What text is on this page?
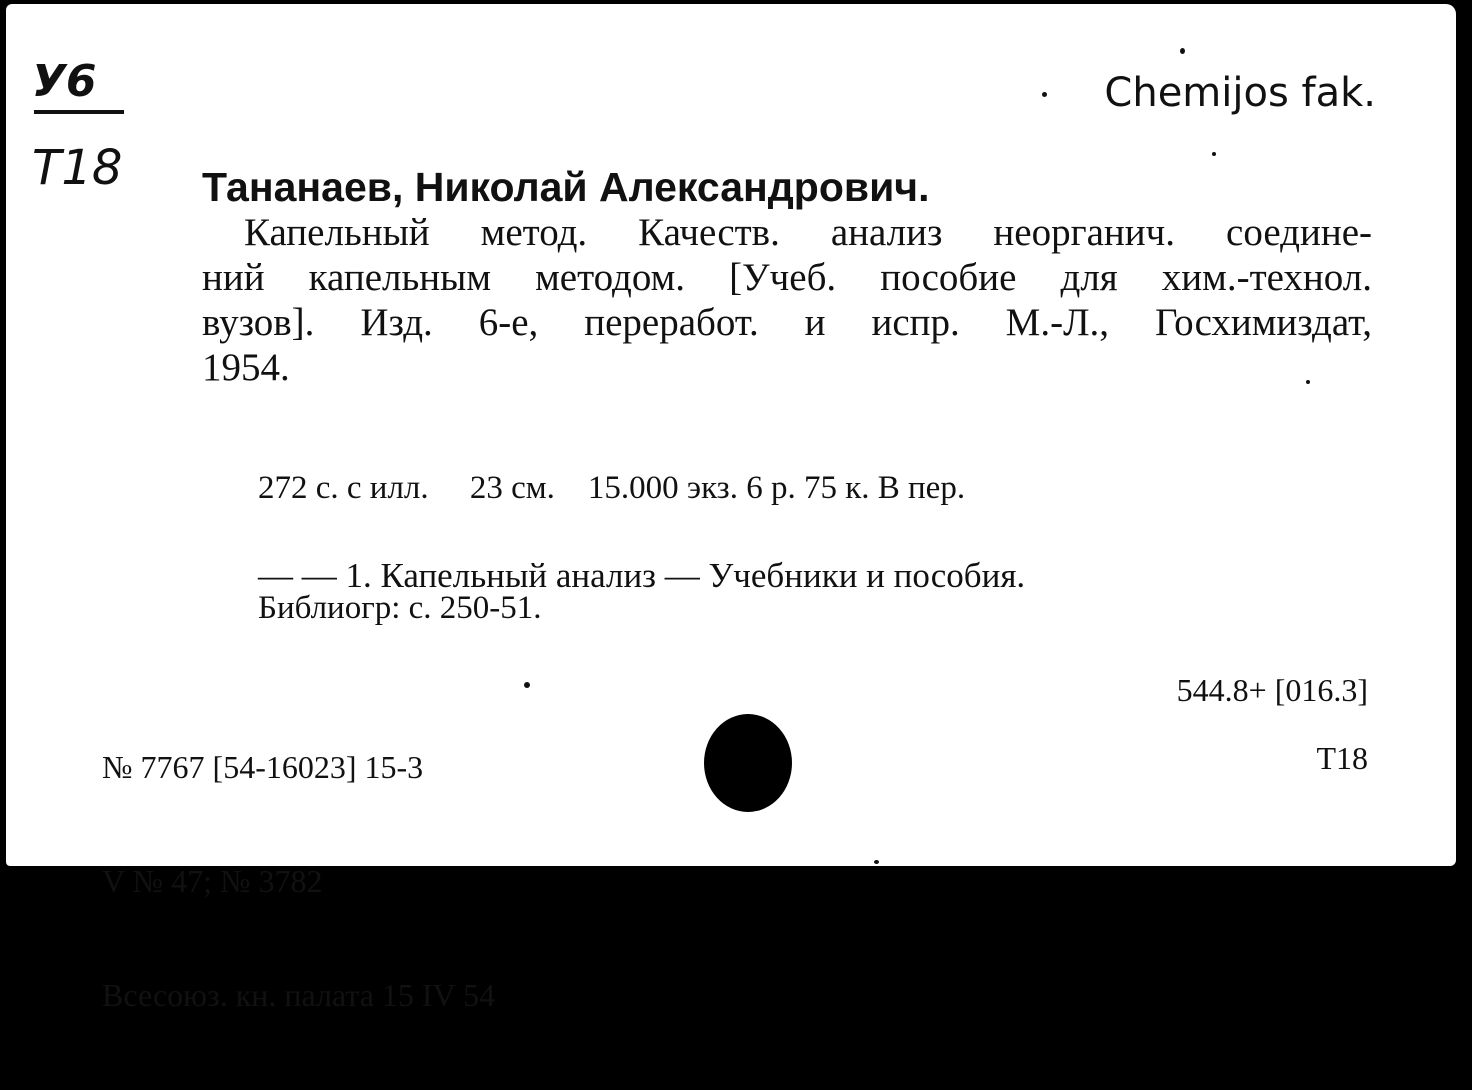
У6
Т18
Chemijos fak.
Тананаев, Николай Александрович.
Капельный метод. Качеств. анализ неорганич. соедине-
ний капельным методом. [Учеб. пособие для хим.-технол.
вузов]. Изд. 6-е, переработ. и испр. М.-Л., Госхимиздат,
1954.

272 с. с илл.     23 см.    15.000 экз. 6 р. 75 к. В пер.

Библиогр: с. 250-51.

— — 1. Капельный анализ — Учебники и пособия.

№ 7767 [54-16023] 15-3

V № 47; № 3782

Всесоюз. кн. палата 15 IV 54

544.8+ [016.3]
Т18
